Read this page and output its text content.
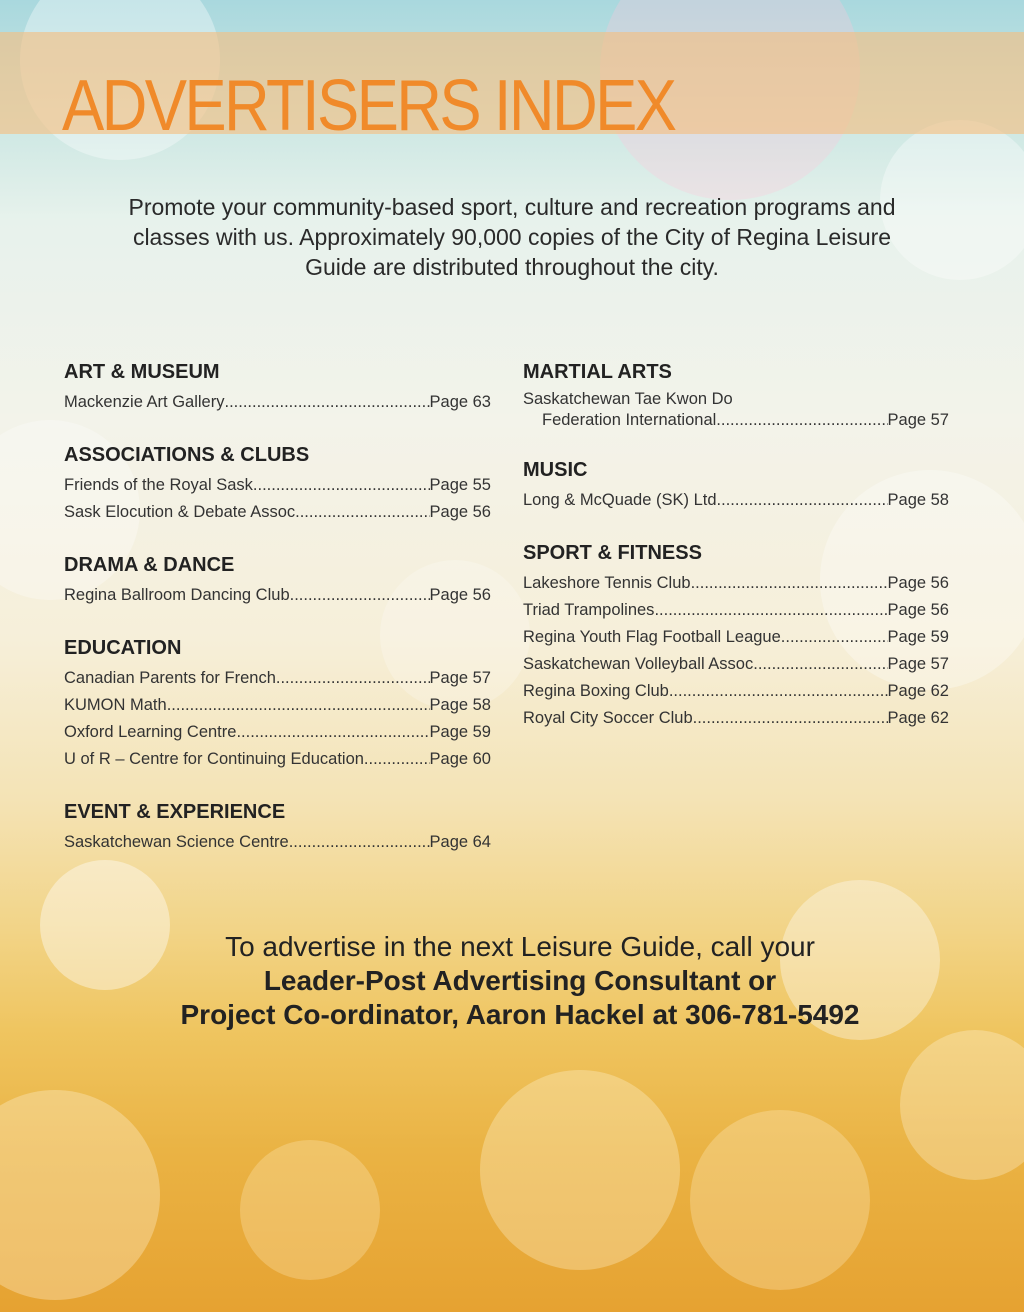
ADVERTISERS INDEX
Promote your community-based sport, culture and recreation programs and classes with us. Approximately 90,000 copies of the City of Regina Leisure Guide are distributed throughout the city.
ART & MUSEUM
Mackenzie Art Gallery .....	Page 63
ASSOCIATIONS & CLUBS
Friends of the Royal Sask .....	Page 55
Sask Elocution & Debate Assoc. .....	Page 56
DRAMA & DANCE
Regina Ballroom Dancing Club .....	Page 56
EDUCATION
Canadian Parents for French .....	Page 57
KUMON Math .....	Page 58
Oxford Learning Centre .....	Page 59
U of R – Centre for Continuing Education .....	Page 60
EVENT & EXPERIENCE
Saskatchewan Science Centre .....	Page 64
MARTIAL ARTS
Saskatchewan Tae Kwon Do
Federation International .....	Page 57
MUSIC
Long & McQuade (SK) Ltd. .....	Page 58
SPORT & FITNESS
Lakeshore Tennis Club .....	Page 56
Triad Trampolines .....	Page 56
Regina Youth Flag Football League .....	Page 59
Saskatchewan Volleyball Assoc. .....	Page 57
Regina Boxing Club .....	Page 62
Royal City Soccer Club .....	Page 62
To advertise in the next Leisure Guide, call your
Leader-Post Advertising Consultant or
Project Co-ordinator, Aaron Hackel at 306-781-5492
